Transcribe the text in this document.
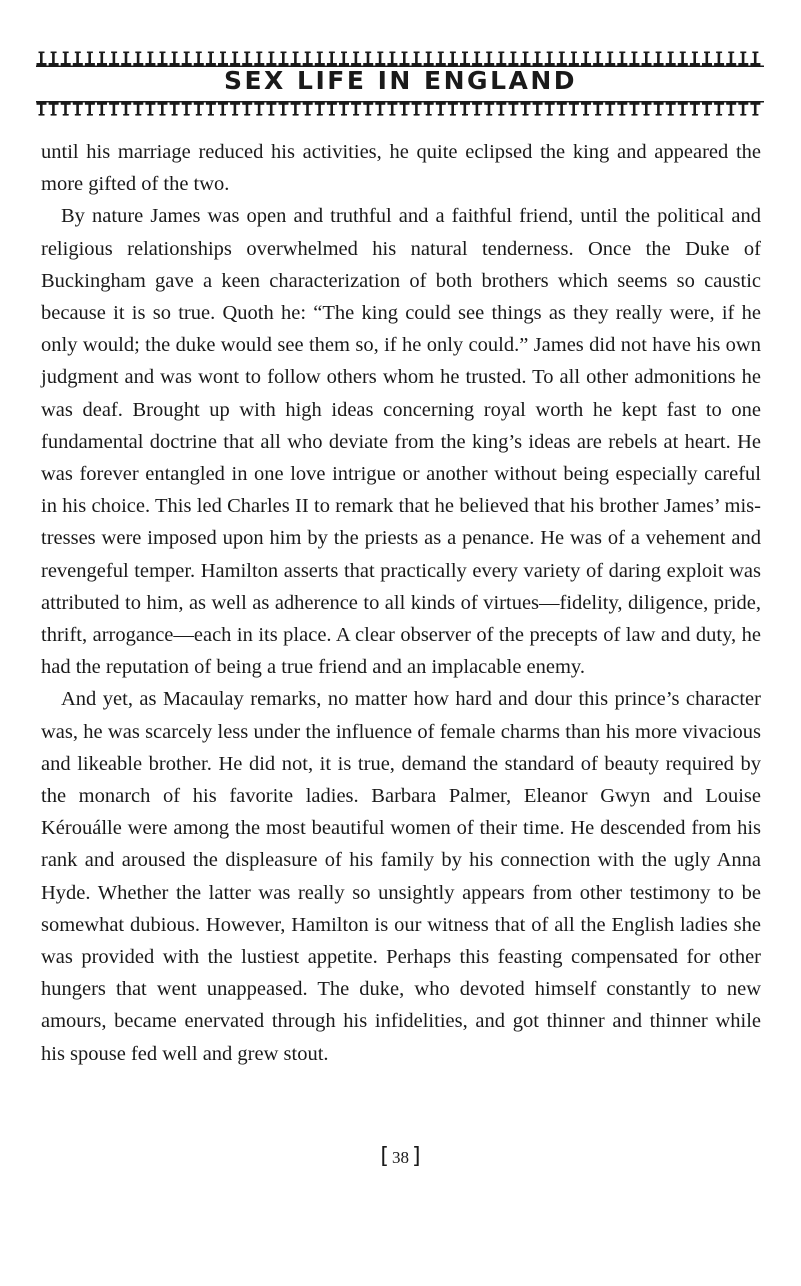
SEX LIFE IN ENGLAND

until his marriage reduced his activities, he quite eclipsed the king and appeared the more gifted of the two.

By nature James was open and truthful and a faithful friend, until the political and religious relationships overwhelmed his natural tenderness. Once the Duke of Buckingham gave a keen characterization of both brothers which seems so caustic because it is so true. Quoth he: “The king could see things as they really were, if he only would; the duke would see them so, if he only could.” James did not have his own judgment and was wont to follow others whom he trusted. To all other admonitions he was deaf. Brought up with high ideas concerning royal worth he kept fast to one fundamental doctrine that all who deviate from the king’s ideas are rebels at heart. He was forever entangled in one love intrigue or another without being especially careful in his choice. This led Charles II to remark that he believed that his brother James’ mistresses were imposed upon him by the priests as a penance. He was of a vehement and revengeful temper. Hamilton asserts that practically every variety of daring exploit was attributed to him, as well as adherence to all kinds of virtues—fidelity, diligence, pride, thrift, arrogance—each in its place. A clear observer of the precepts of law and duty, he had the reputation of being a true friend and an implacable enemy.

And yet, as Macaulay remarks, no matter how hard and dour this prince’s character was, he was scarcely less under the influence of female charms than his more vivacious and likeable brother. He did not, it is true, demand the standard of beauty required by the monarch of his favorite ladies. Barbara Palmer, Eleanor Gwyn and Louise Kérouálle were among the most beautiful women of their time. He descended from his rank and aroused the displeasure of his family by his connection with the ugly Anna Hyde. Whether the latter was really so unsightly appears from other testimony to be somewhat dubious. However, Hamilton is our witness that of all the English ladies she was provided with the lustiest appetite. Perhaps this feasting compensated for other hungers that went unappeased. The duke, who devoted himself constantly to new amours, became enervated through his infidelities, and got thinner and thinner while his spouse fed well and grew stout.

[ 38 ]
